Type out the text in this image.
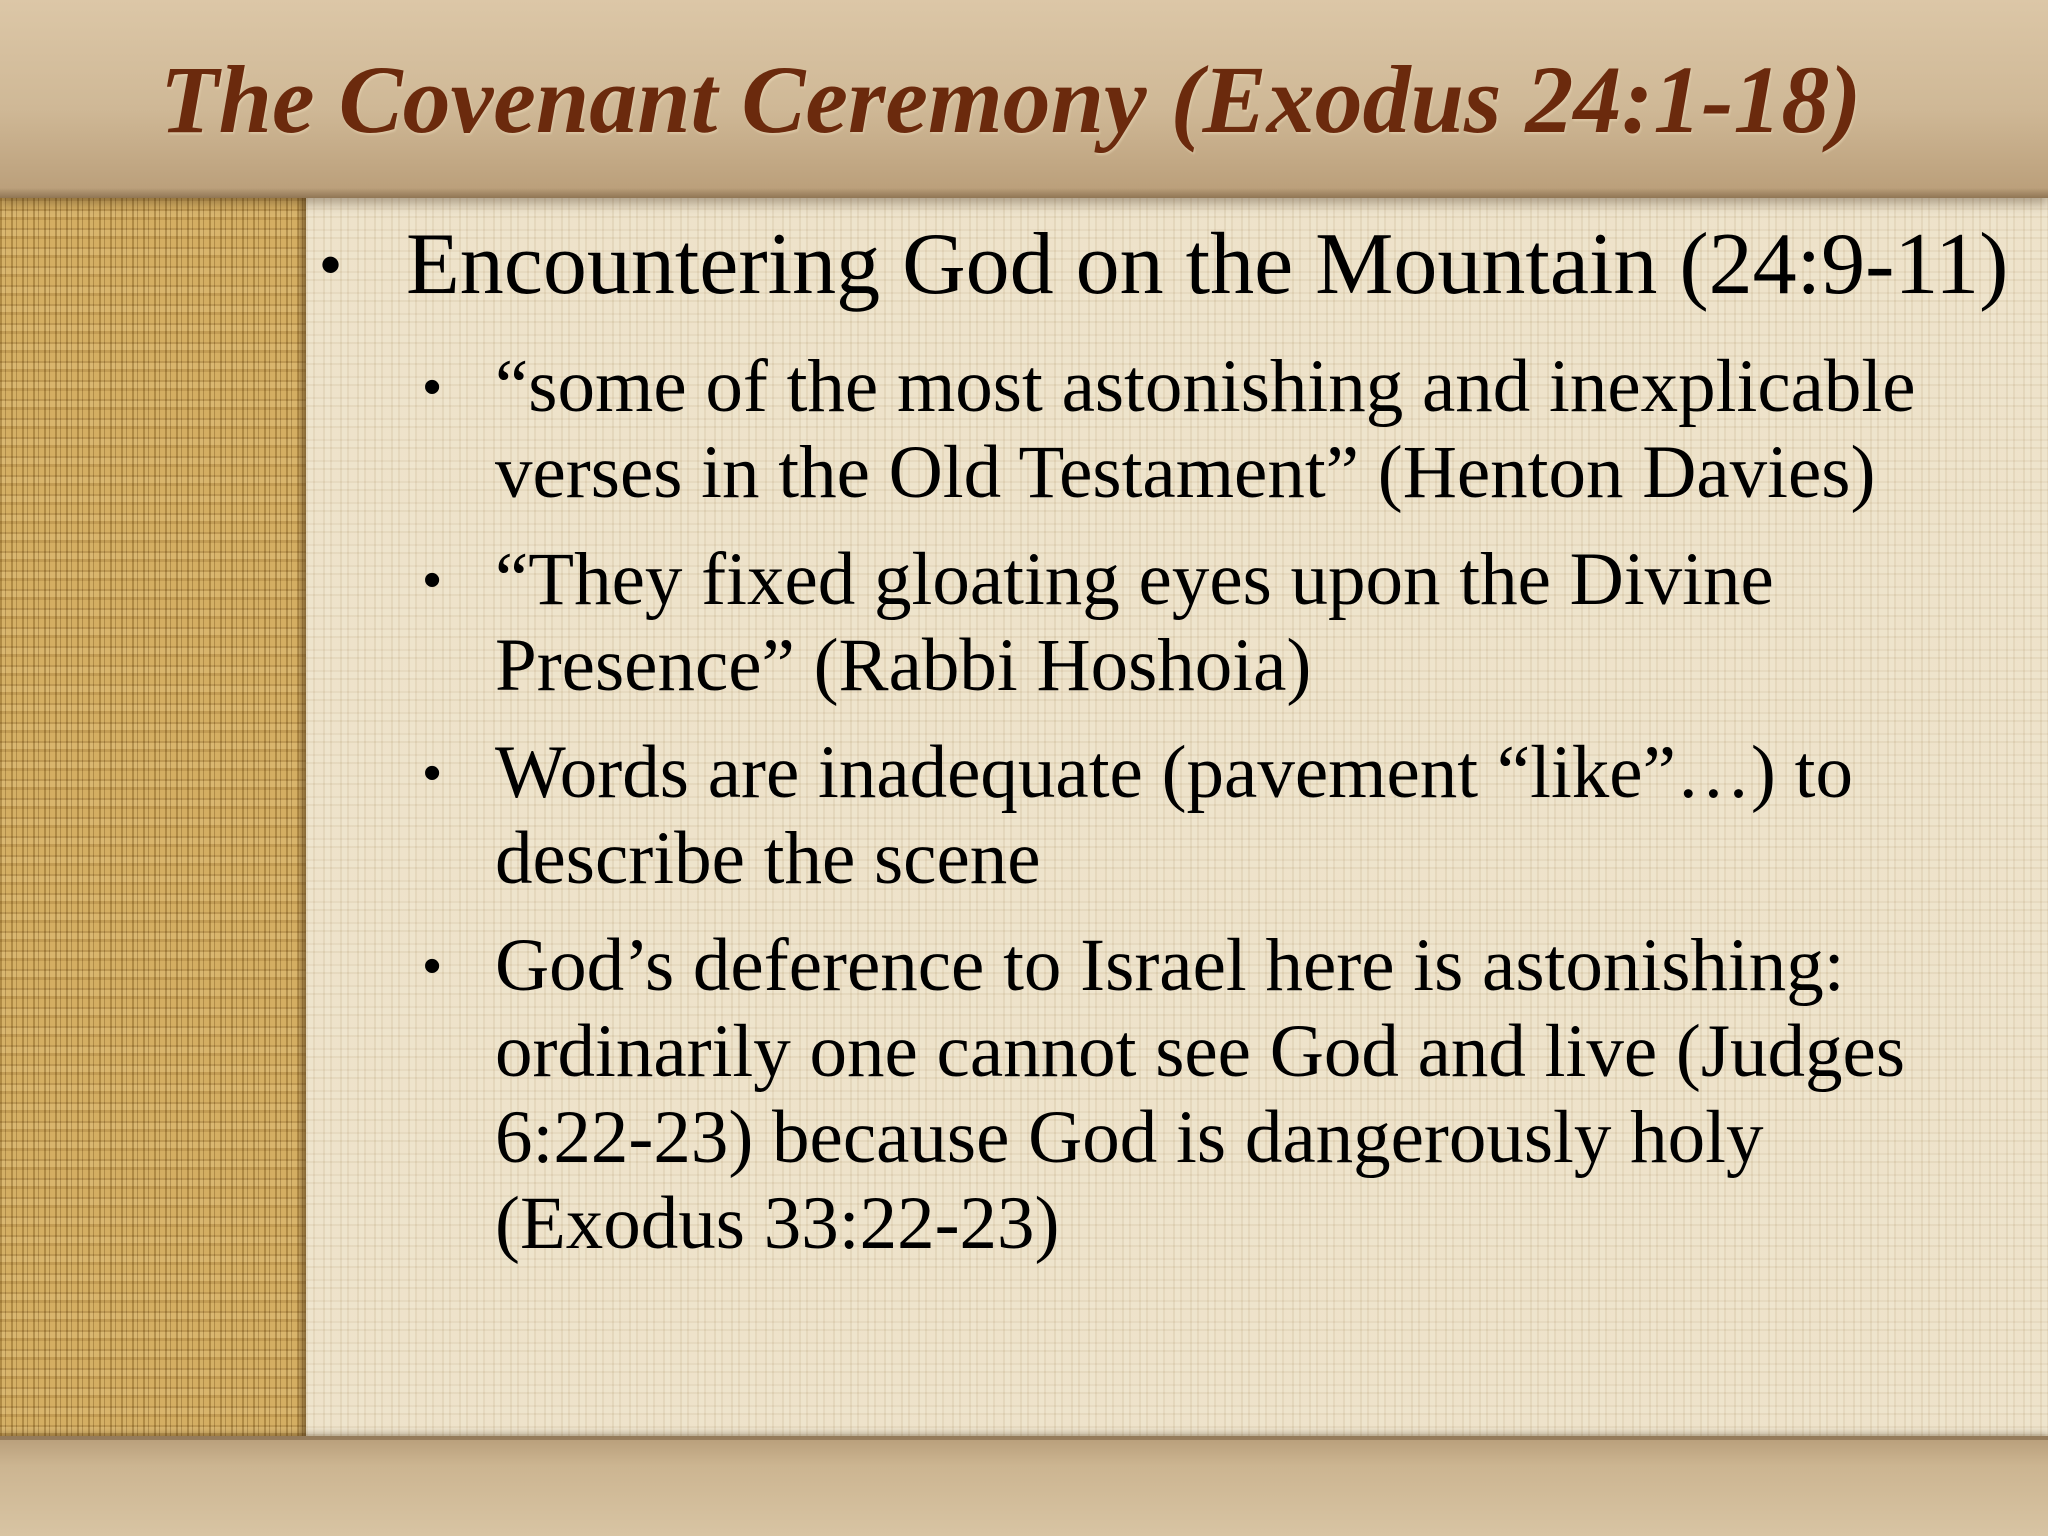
The Covenant Ceremony (Exodus 24:1-18)
• Encountering God on the Mountain (24:9-11)
• “some of the most astonishing and inexplicable verses in the Old Testament” (Henton Davies)
• “They fixed gloating eyes upon the Divine Presence” (Rabbi Hoshoia)
• Words are inadequate (pavement “like”…) to describe the scene
• God’s deference to Israel here is astonishing: ordinarily one cannot see God and live (Judges 6:22-23) because God is dangerously holy (Exodus 33:22-23)
